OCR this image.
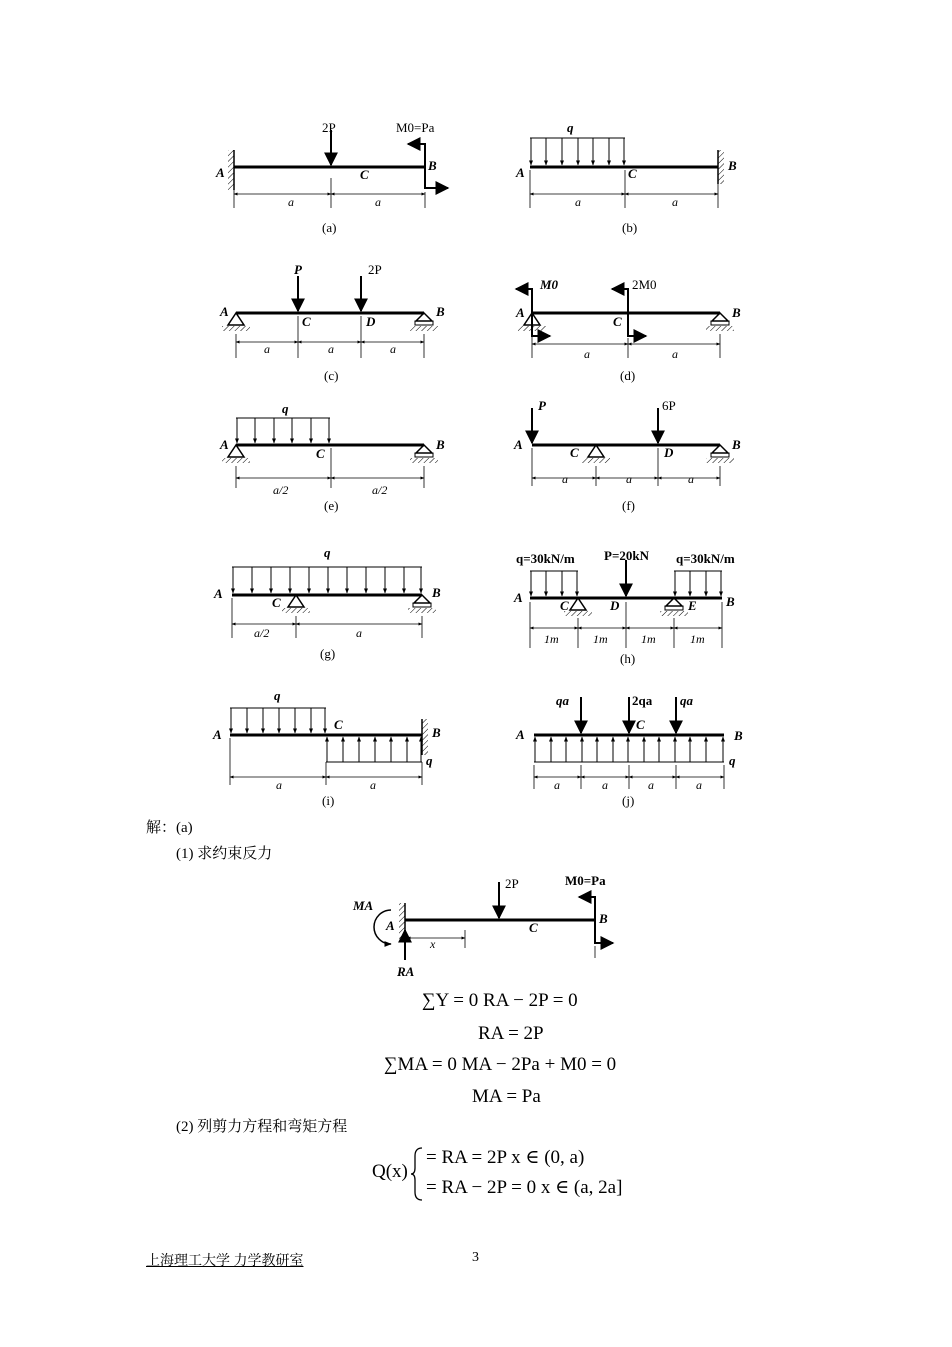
A	B
C
2P	M0=Pa
a	a
(a)
q
A	B
C
a	a
(b)
P	2P
A	B
C	D
a	a	a
(c)
M0	2M0
A	B
C
a	a
(d)
q
A	B
C
a/2	a/2
(e)
P	6P
A	B
C	D
a	a	a
(f)
q
A	B
C
a/2	a
(g)
q=30kN/m P=20kN q=30kN/m
A	B
C	D	E
1m	1m	1m	1m
(h)
q
q
A	B
C
a	a
(i)
qa	2qa qa
q
A	B
C
a	a	a	a
(j)
解：(a)
(1) 求约束反力
MA
A	B
C
RA
x
2P	M0=Pa
∑Y = 0 RA − 2P = 0
RA = 2P
∑MA = 0 MA − 2Pa + M0 = 0
MA = Pa
(2) 列剪力方程和弯矩方程
Q(x)
= RA = 2P x ∈ (0, a)
= RA − 2P = 0 x ∈ (a, 2a]
上海理工大学 力学教研室	3
